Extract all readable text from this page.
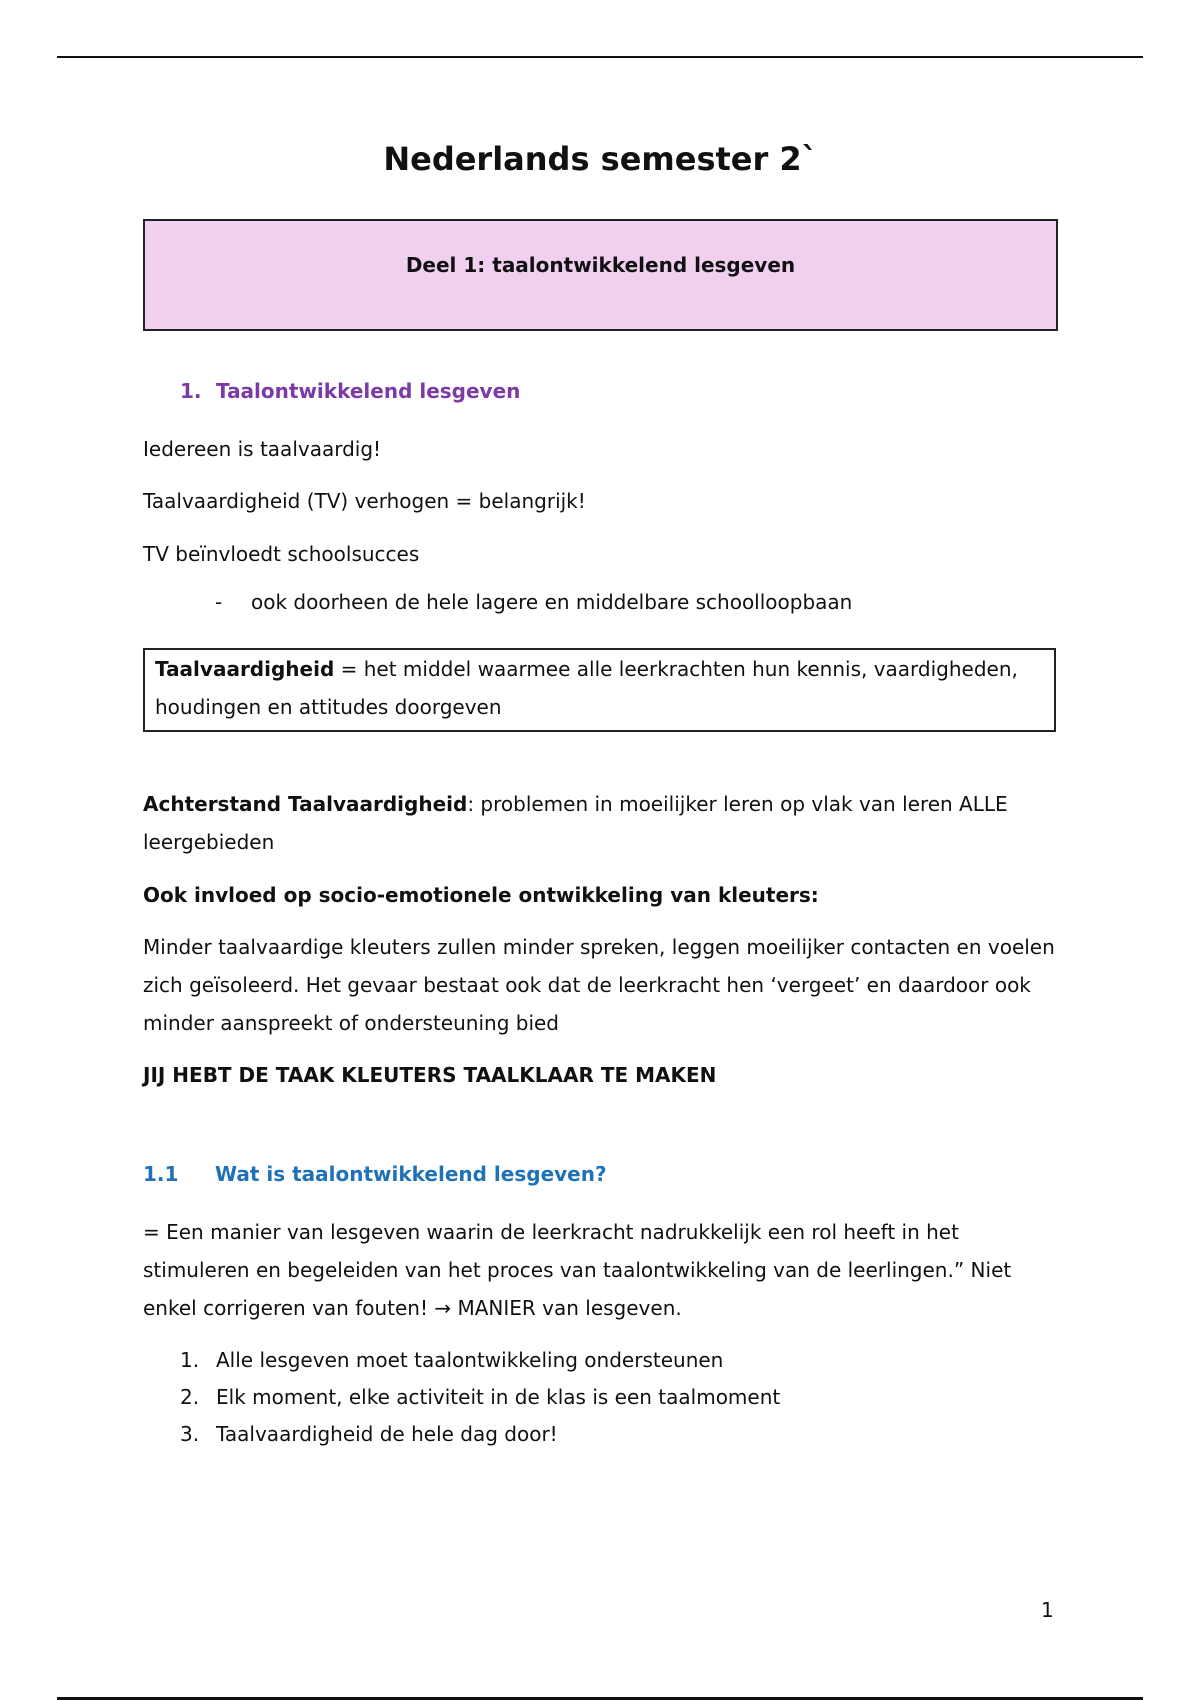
Nederlands semester 2`
Deel 1: taalontwikkelend lesgeven
1. Taalontwikkelend lesgeven

Iedereen is taalvaardig!

Taalvaardigheid (TV) verhogen = belangrijk!

TV beïnvloedt schoolsucces

- ook doorheen de hele lagere en middelbare schoolloopbaan
Taalvaardigheid = het middel waarmee alle leerkrachten hun kennis, vaardigheden, houdingen en attitudes doorgeven

Achterstand Taalvaardigheid: problemen in moeilijker leren op vlak van leren ALLE leergebieden

Ook invloed op socio-emotionele ontwikkeling van kleuters:

Minder taalvaardige kleuters zullen minder spreken, leggen moeilijker contacten en voelen zich geïsoleerd. Het gevaar bestaat ook dat de leerkracht hen ‘vergeet’ en daardoor ook minder aanspreekt of ondersteuning bied

JIJ HEBT DE TAAK KLEUTERS TAALKLAAR TE MAKEN

1.1 Wat is taalontwikkelend lesgeven?

= Een manier van lesgeven waarin de leerkracht nadrukkelijk een rol heeft in het stimuleren en begeleiden van het proces van taalontwikkeling van de leerlingen.” Niet enkel corrigeren van fouten! → MANIER van lesgeven.

1. Alle lesgeven moet taalontwikkeling ondersteunen
2. Elk moment, elke activiteit in de klas is een taalmoment
3. Taalvaardigheid de hele dag door!
1
